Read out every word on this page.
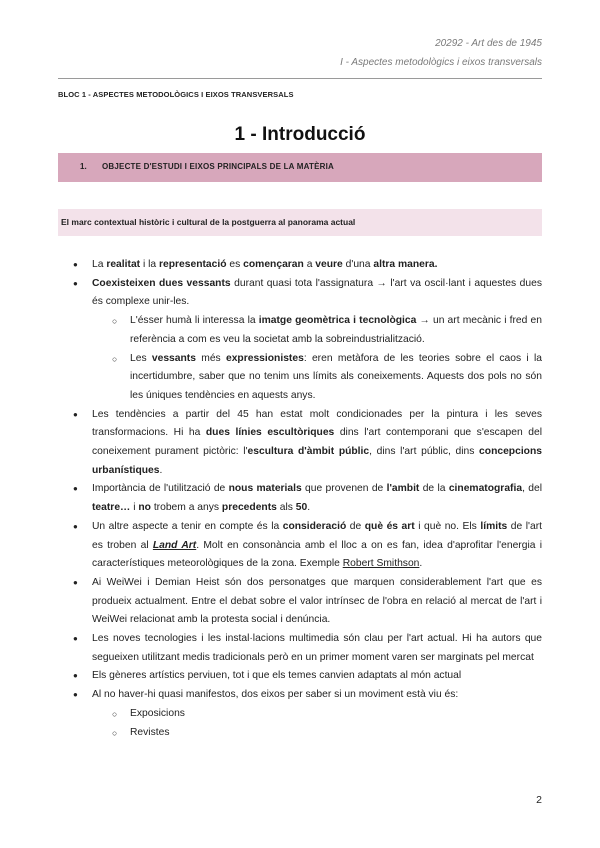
20292 - Art des de 1945
I - Aspectes metodològics i eixos transversals
BLOC 1 - ASPECTES METODOLÒGICS I EIXOS TRANSVERSALS
1 - Introducció
1. OBJECTE D'ESTUDI I EIXOS PRINCIPALS DE LA MATÈRIA
El marc contextual històric i cultural de la postguerra al panorama actual
● La realitat i la representació es començaran a veure d'una altra manera.
● Coexisteixen dues vessants durant quasi tota l'assignatura → l'art va oscil·lant i aquestes dues és complexe unir-les.
○ L'ésser humà li interessa la imatge geomètrica i tecnològica → un art mecànic i fred en referència a com es veu la societat amb la sobreindustrialització.
○ Les vessants més expressionistes: eren metàfora de les teories sobre el caos i la incertidumbre, saber que no tenim uns límits als coneixements. Aquests dos pols no són les úniques tendències en aquests anys.
● Les tendències a partir del 45 han estat molt condicionades per la pintura i les seves transformacions. Hi ha dues línies escultòriques dins l'art contemporani que s'escapen del coneixement purament pictòric: l'escultura d'àmbit públic, dins l'art públic, dins concepcions urbanístiques.
● Importància de l'utilització de nous materials que provenen de l'ambit de la cinematografia, del teatre… i no trobem a anys precedents als 50.
● Un altre aspecte a tenir en compte és la consideració de què és art i què no. Els límits de l'art es troben al Land Art. Molt en consonància amb el lloc a on es fan, idea d'aprofitar l'energia i característiques meteorològiques de la zona. Exemple Robert Smithson.
● Ai WeiWei i Demian Heist són dos personatges que marquen considerablement l'art que es produeix actualment. Entre el debat sobre el valor intrínsec de l'obra en relació al mercat de l'art i WeiWei relacionat amb la protesta social i denúncia.
● Les noves tecnologies i les instal·lacions multimedia són clau per l'art actual. Hi ha autors que segueixen utilitzant medis tradicionals però en un primer moment varen ser marginats pel mercat
● Els gèneres artístics perviuen, tot i que els temes canvien adaptats al món actual
● Al no haver-hi quasi manifestos, dos eixos per saber si un moviment està viu és:
○ Exposicions
○ Revistes
2
